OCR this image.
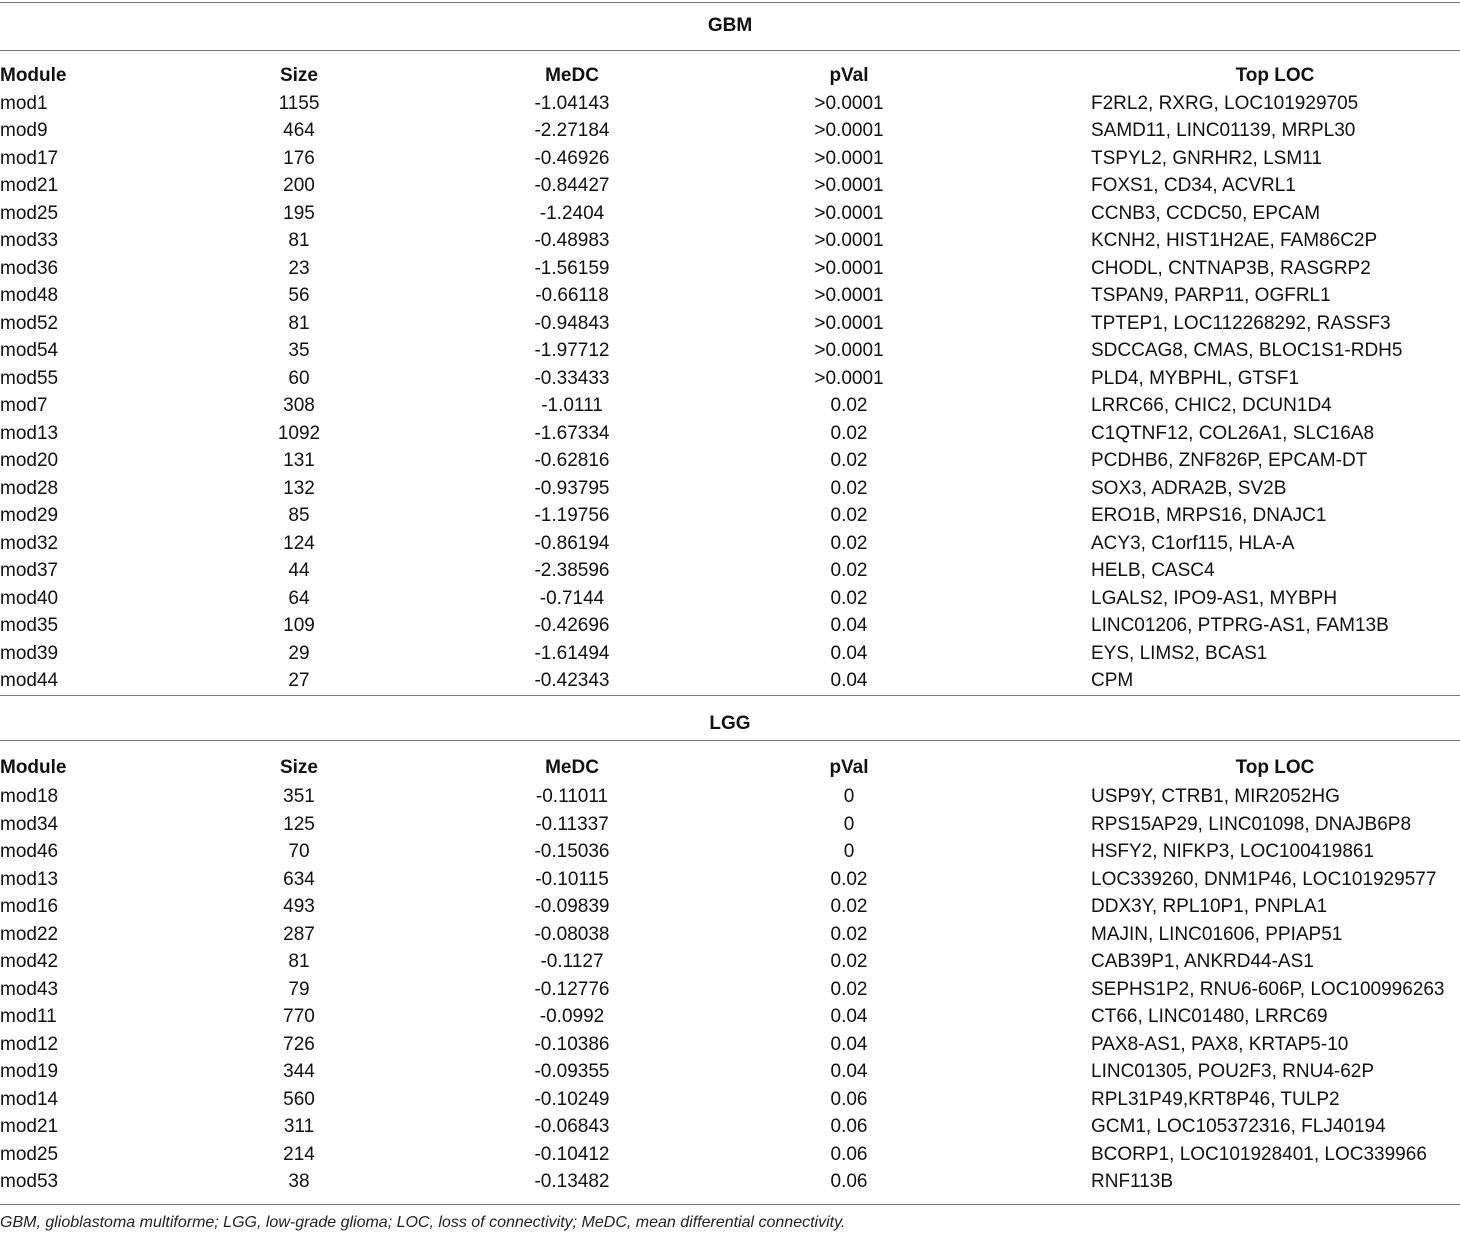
GBM
Module	Size	MeDC	pVal	Top LOC
mod1	1155	-1.04143	>0.0001	F2RL2, RXRG, LOC101929705
mod9	464	-2.27184	>0.0001	SAMD11, LINC01139, MRPL30
mod17	176	-0.46926	>0.0001	TSPYL2, GNRHR2, LSM11
mod21	200	-0.84427	>0.0001	FOXS1, CD34, ACVRL1
mod25	195	-1.2404	>0.0001	CCNB3, CCDC50, EPCAM
mod33	81	-0.48983	>0.0001	KCNH2, HIST1H2AE, FAM86C2P
mod36	23	-1.56159	>0.0001	CHODL, CNTNAP3B, RASGRP2
mod48	56	-0.66118	>0.0001	TSPAN9, PARP11, OGFRL1
mod52	81	-0.94843	>0.0001	TPTEP1, LOC112268292, RASSF3
mod54	35	-1.97712	>0.0001	SDCCAG8, CMAS, BLOC1S1-RDH5
mod55	60	-0.33433	>0.0001	PLD4, MYBPHL, GTSF1
mod7	308	-1.0111	0.02	LRRC66, CHIC2, DCUN1D4
mod13	1092	-1.67334	0.02	C1QTNF12, COL26A1, SLC16A8
mod20	131	-0.62816	0.02	PCDHB6, ZNF826P, EPCAM-DT
mod28	132	-0.93795	0.02	SOX3, ADRA2B, SV2B
mod29	85	-1.19756	0.02	ERO1B, MRPS16, DNAJC1
mod32	124	-0.86194	0.02	ACY3, C1orf115, HLA-A
mod37	44	-2.38596	0.02	HELB, CASC4
mod40	64	-0.7144	0.02	LGALS2, IPO9-AS1, MYBPH
mod35	109	-0.42696	0.04	LINC01206, PTPRG-AS1, FAM13B
mod39	29	-1.61494	0.04	EYS, LIMS2, BCAS1
mod44	27	-0.42343	0.04	CPM
LGG
Module	Size	MeDC	pVal	Top LOC
mod18	351	-0.11011	0	USP9Y, CTRB1, MIR2052HG
mod34	125	-0.11337	0	RPS15AP29, LINC01098, DNAJB6P8
mod46	70	-0.15036	0	HSFY2, NIFKP3, LOC100419861
mod13	634	-0.10115	0.02	LOC339260, DNM1P46, LOC101929577
mod16	493	-0.09839	0.02	DDX3Y, RPL10P1, PNPLA1
mod22	287	-0.08038	0.02	MAJIN, LINC01606, PPIAP51
mod42	81	-0.1127	0.02	CAB39P1, ANKRD44-AS1
mod43	79	-0.12776	0.02	SEPHS1P2, RNU6-606P, LOC100996263
mod11	770	-0.0992	0.04	CT66, LINC01480, LRRC69
mod12	726	-0.10386	0.04	PAX8-AS1, PAX8, KRTAP5-10
mod19	344	-0.09355	0.04	LINC01305, POU2F3, RNU4-62P
mod14	560	-0.10249	0.06	RPL31P49,KRT8P46, TULP2
mod21	311	-0.06843	0.06	GCM1, LOC105372316, FLJ40194
mod25	214	-0.10412	0.06	BCORP1, LOC101928401, LOC339966
mod53	38	-0.13482	0.06	RNF113B
GBM, glioblastoma multiforme; LGG, low-grade glioma; LOC, loss of connectivity; MeDC, mean differential connectivity.
